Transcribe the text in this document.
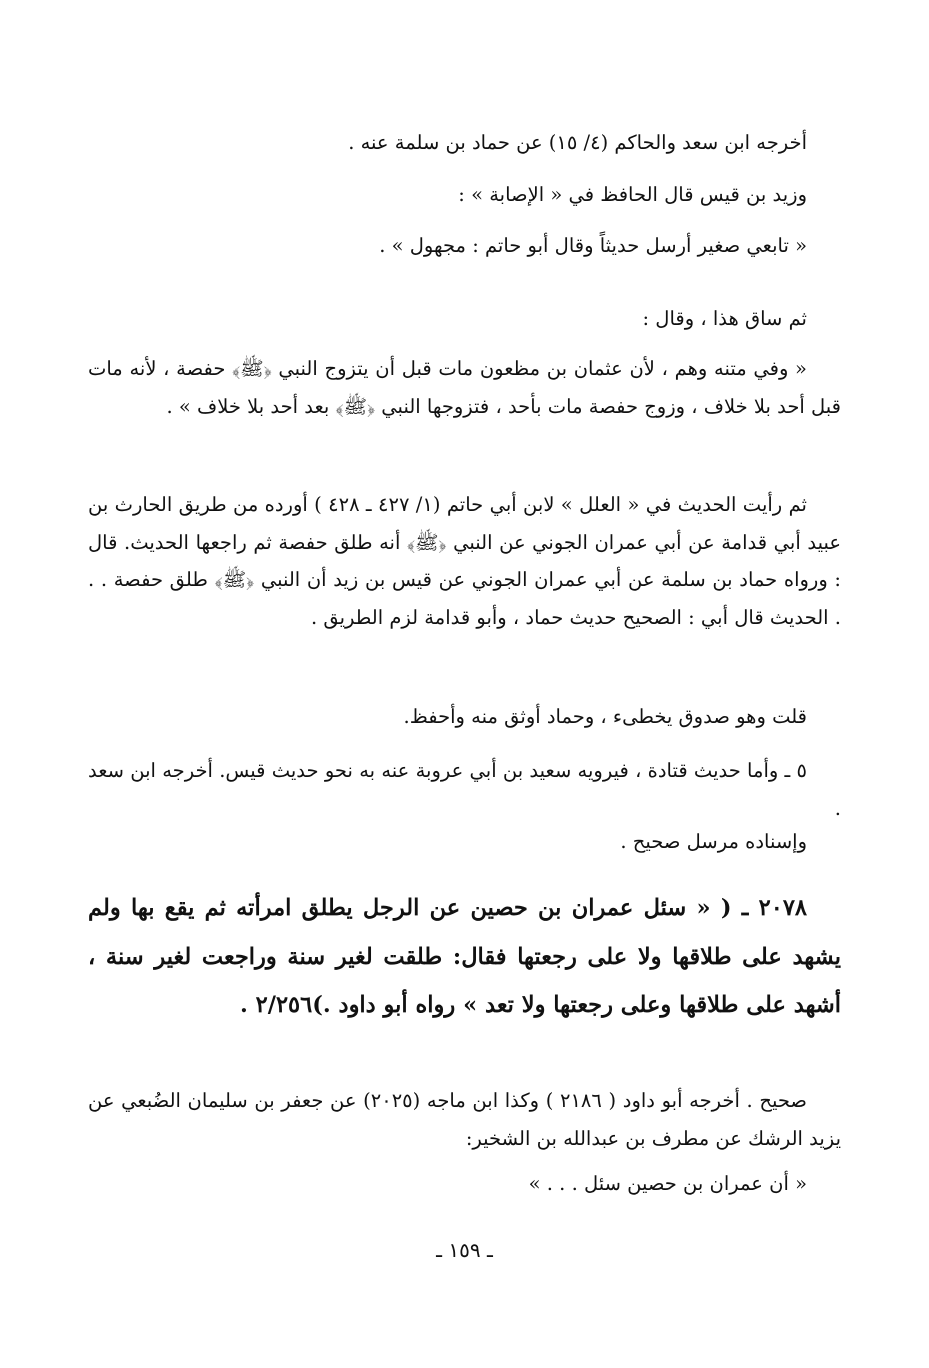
أخرجه ابن سعد والحاكم (٤/ ١٥) عن حماد بن سلمة عنه .

وزيد بن قيس قال الحافظ في « الإصابة » :

« تابعي صغير أرسل حديثاً وقال أبو حاتم : مجهول » .

ثم ساق هذا ، وقال :

« وفي متنه وهم ، لأن عثمان بن مظعون مات قبل أن يتزوج النبي ﴿ﷺ﴾ حفصة ، لأنه مات قبل أحد بلا خلاف ، وزوج حفصة مات بأحد ، فتزوجها النبي ﴿ﷺ﴾ بعد أحد بلا خلاف » .

ثم رأيت الحديث في « العلل » لابن أبي حاتم (١/ ٤٢٧ ـ ٤٢٨ ) أورده من طريق الحارث بن عبيد أبي قدامة عن أبي عمران الجوني عن النبي ﴿ﷺ﴾ أنه طلق حفصة ثم راجعها الحديث. قال : ورواه حماد بن سلمة عن أبي عمران الجوني عن قيس بن زيد أن النبي ﴿ﷺ﴾ طلق حفصة . . . الحديث قال أبي : الصحيح حديث حماد ، وأبو قدامة لزم الطريق .

قلت وهو صدوق يخطىء ، وحماد أوثق منه وأحفظ.

٥ ـ وأما حديث قتادة ، فيرويه سعيد بن أبي عروبة عنه به نحو حديث قيس. أخرجه ابن سعد .

وإسناده مرسل صحيح .

٢٠٧٨ ـ ( « سئل عمران بن حصين عن الرجل يطلق امرأته ثم يقع بها ولم يشهد على طلاقها ولا على رجعتها فقال: طلقت لغير سنة وراجعت لغير سنة ، أشهد على طلاقها وعلى رجعتها ولا تعد » رواه أبو داود .)٢/٢٥٦ .

صحيح . أخرجه أبو داود ( ٢١٨٦ ) وكذا ابن ماجه (٢٠٢٥) عن جعفر بن سليمان الضُبعي عن يزيد الرشك عن مطرف بن عبدالله بن الشخير:

« أن عمران بن حصين سئل . . . »

ـ ١٥٩ ـ
